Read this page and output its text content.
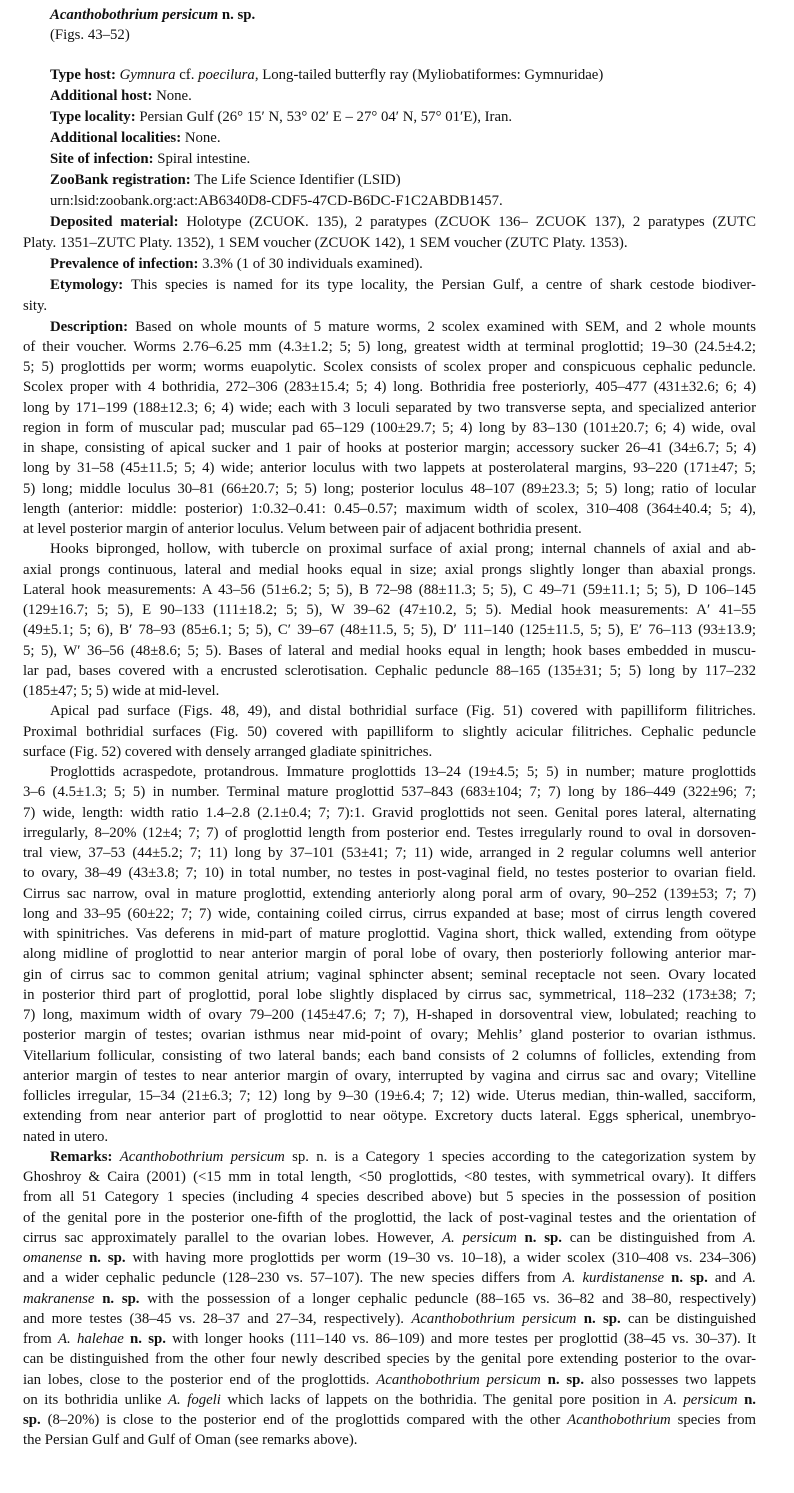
Acanthobothrium persicum n. sp.
(Figs. 43–52)
Type host: Gymnura cf. poecilura, Long-tailed butterfly ray (Myliobatiformes: Gymnuridae)
Additional host: None.
Type locality: Persian Gulf (26° 15′ N, 53° 02′ E – 27° 04′ N, 57° 01′E), Iran.
Additional localities: None.
Site of infection: Spiral intestine.
ZooBank registration: The Life Science Identifier (LSID)
urn:lsid:zoobank.org:act:AB6340D8-CDF5-47CD-B6DC-F1C2ABDB1457.
Deposited material: Holotype (ZCUOK. 135), 2 paratypes (ZCUOK 136– ZCUOK 137), 2 paratypes (ZUTC
Platy. 1351–ZUTC Platy. 1352), 1 SEM voucher (ZCUOK 142), 1 SEM voucher (ZUTC Platy. 1353).
Prevalence of infection: 3.3% (1 of 30 individuals examined).
Etymology: This species is named for its type locality, the Persian Gulf, a centre of shark cestode biodiver-
sity.
Description: Based on whole mounts of 5 mature worms, 2 scolex examined with SEM, and 2 whole mounts
of their voucher. Worms 2.76–6.25 mm (4.3±1.2; 5; 5) long, greatest width at terminal proglottid; 19–30 (24.5±4.2;
5; 5) proglottids per worm; worms euapolytic. Scolex consists of scolex proper and conspicuous cephalic peduncle.
Scolex proper with 4 bothridia, 272–306 (283±15.4; 5; 4) long. Bothridia free posteriorly, 405–477 (431±32.6; 6; 4)
long by 171–199 (188±12.3; 6; 4) wide; each with 3 loculi separated by two transverse septa, and specialized anterior
region in form of muscular pad; muscular pad 65–129 (100±29.7; 5; 4) long by 83–130 (101±20.7; 6; 4) wide, oval
in shape, consisting of apical sucker and 1 pair of hooks at posterior margin; accessory sucker 26–41 (34±6.7; 5; 4)
long by 31–58 (45±11.5; 5; 4) wide; anterior loculus with two lappets at posterolateral margins, 93–220 (171±47; 5;
5) long; middle loculus 30–81 (66±20.7; 5; 5) long; posterior loculus 48–107 (89±23.3; 5; 5) long; ratio of locular
length (anterior: middle: posterior) 1:0.32–0.41: 0.45–0.57; maximum width of scolex, 310–408 (364±40.4; 5; 4),
at level posterior margin of anterior loculus. Velum between pair of adjacent bothridia present.
Hooks bipronged, hollow, with tubercle on proximal surface of axial prong; internal channels of axial and ab-
axial prongs continuous, lateral and medial hooks equal in size; axial prongs slightly longer than abaxial prongs.
Lateral hook measurements: A 43–56 (51±6.2; 5; 5), B 72–98 (88±11.3; 5; 5), C 49–71 (59±11.1; 5; 5), D 106–145
(129±16.7; 5; 5), E 90–133 (111±18.2; 5; 5), W 39–62 (47±10.2, 5; 5). Medial hook measurements: A′ 41–55
(49±5.1; 5; 6), B′ 78–93 (85±6.1; 5; 5), C′ 39–67 (48±11.5, 5; 5), D′ 111–140 (125±11.5, 5; 5), E′ 76–113 (93±13.9;
5; 5), W′ 36–56 (48±8.6; 5; 5). Bases of lateral and medial hooks equal in length; hook bases embedded in muscu-
lar pad, bases covered with a encrusted sclerotisation. Cephalic peduncle 88–165 (135±31; 5; 5) long by 117–232
(185±47; 5; 5) wide at mid-level.
Apical pad surface (Figs. 48, 49), and distal bothridial surface (Fig. 51) covered with papilliform filitriches.
Proximal bothridial surfaces (Fig. 50) covered with papilliform to slightly acicular filitriches. Cephalic peduncle
surface (Fig. 52) covered with densely arranged gladiate spinitriches.
Proglottids acraspedote, protandrous. Immature proglottids 13–24 (19±4.5; 5; 5) in number; mature proglottids
3–6 (4.5±1.3; 5; 5) in number. Terminal mature proglottid 537–843 (683±104; 7; 7) long by 186–449 (322±96; 7;
7) wide, length: width ratio 1.4–2.8 (2.1±0.4; 7; 7):1. Gravid proglottids not seen. Genital pores lateral, alternating
irregularly, 8–20% (12±4; 7; 7) of proglottid length from posterior end. Testes irregularly round to oval in dorsoven-
tral view, 37–53 (44±5.2; 7; 11) long by 37–101 (53±41; 7; 11) wide, arranged in 2 regular columns well anterior
to ovary, 38–49 (43±3.8; 7; 10) in total number, no testes in post-vaginal field, no testes posterior to ovarian field.
Cirrus sac narrow, oval in mature proglottid, extending anteriorly along poral arm of ovary, 90–252 (139±53; 7; 7)
long and 33–95 (60±22; 7; 7) wide, containing coiled cirrus, cirrus expanded at base; most of cirrus length covered
with spinitriches. Vas deferens in mid-part of mature proglottid. Vagina short, thick walled, extending from oötype
along midline of proglottid to near anterior margin of poral lobe of ovary, then posteriorly following anterior mar-
gin of cirrus sac to common genital atrium; vaginal sphincter absent; seminal receptacle not seen. Ovary located
in posterior third part of proglottid, poral lobe slightly displaced by cirrus sac, symmetrical, 118–232 (173±38; 7;
7) long, maximum width of ovary 79–200 (145±47.6; 7; 7), H-shaped in dorsoventral view, lobulated; reaching to
posterior margin of testes; ovarian isthmus near mid-point of ovary; Mehlis’ gland posterior to ovarian isthmus.
Vitellarium follicular, consisting of two lateral bands; each band consists of 2 columns of follicles, extending from
anterior margin of testes to near anterior margin of ovary, interrupted by vagina and cirrus sac and ovary; Vitelline
follicles irregular, 15–34 (21±6.3; 7; 12) long by 9–30 (19±6.4; 7; 12) wide. Uterus median, thin-walled, sacciform,
extending from near anterior part of proglottid to near oötype. Excretory ducts lateral. Eggs spherical, unembryo-
nated in utero.
Remarks: Acanthobothrium persicum sp. n. is a Category 1 species according to the categorization system by
Ghoshroy & Caira (2001) (<15 mm in total length, <50 proglottids, <80 testes, with symmetrical ovary). It differs
from all 51 Category 1 species (including 4 species described above) but 5 species in the possession of position
of the genital pore in the posterior one-fifth of the proglottid, the lack of post-vaginal testes and the orientation of
cirrus sac approximately parallel to the ovarian lobes. However, A. persicum n. sp. can be distinguished from A.
omanense n. sp. with having more proglottids per worm (19–30 vs. 10–18), a wider scolex (310–408 vs. 234–306)
and a wider cephalic peduncle (128–230 vs. 57–107). The new species differs from A. kurdistanense n. sp. and A.
makranense n. sp. with the possession of a longer cephalic peduncle (88–165 vs. 36–82 and 38–80, respectively)
and more testes (38–45 vs. 28–37 and 27–34, respectively). Acanthobothrium persicum n. sp. can be distinguished
from A. halehae n. sp. with longer hooks (111–140 vs. 86–109) and more testes per proglottid (38–45 vs. 30–37). It
can be distinguished from the other four newly described species by the genital pore extending posterior to the ovar-
ian lobes, close to the posterior end of the proglottids. Acanthobothrium persicum n. sp. also possesses two lappets
on its bothridia unlike A. fogeli which lacks of lappets on the bothridia. The genital pore position in A. persicum n.
sp. (8–20%) is close to the posterior end of the proglottids compared with the other Acanthobothrium species from
the Persian Gulf and Gulf of Oman (see remarks above).
